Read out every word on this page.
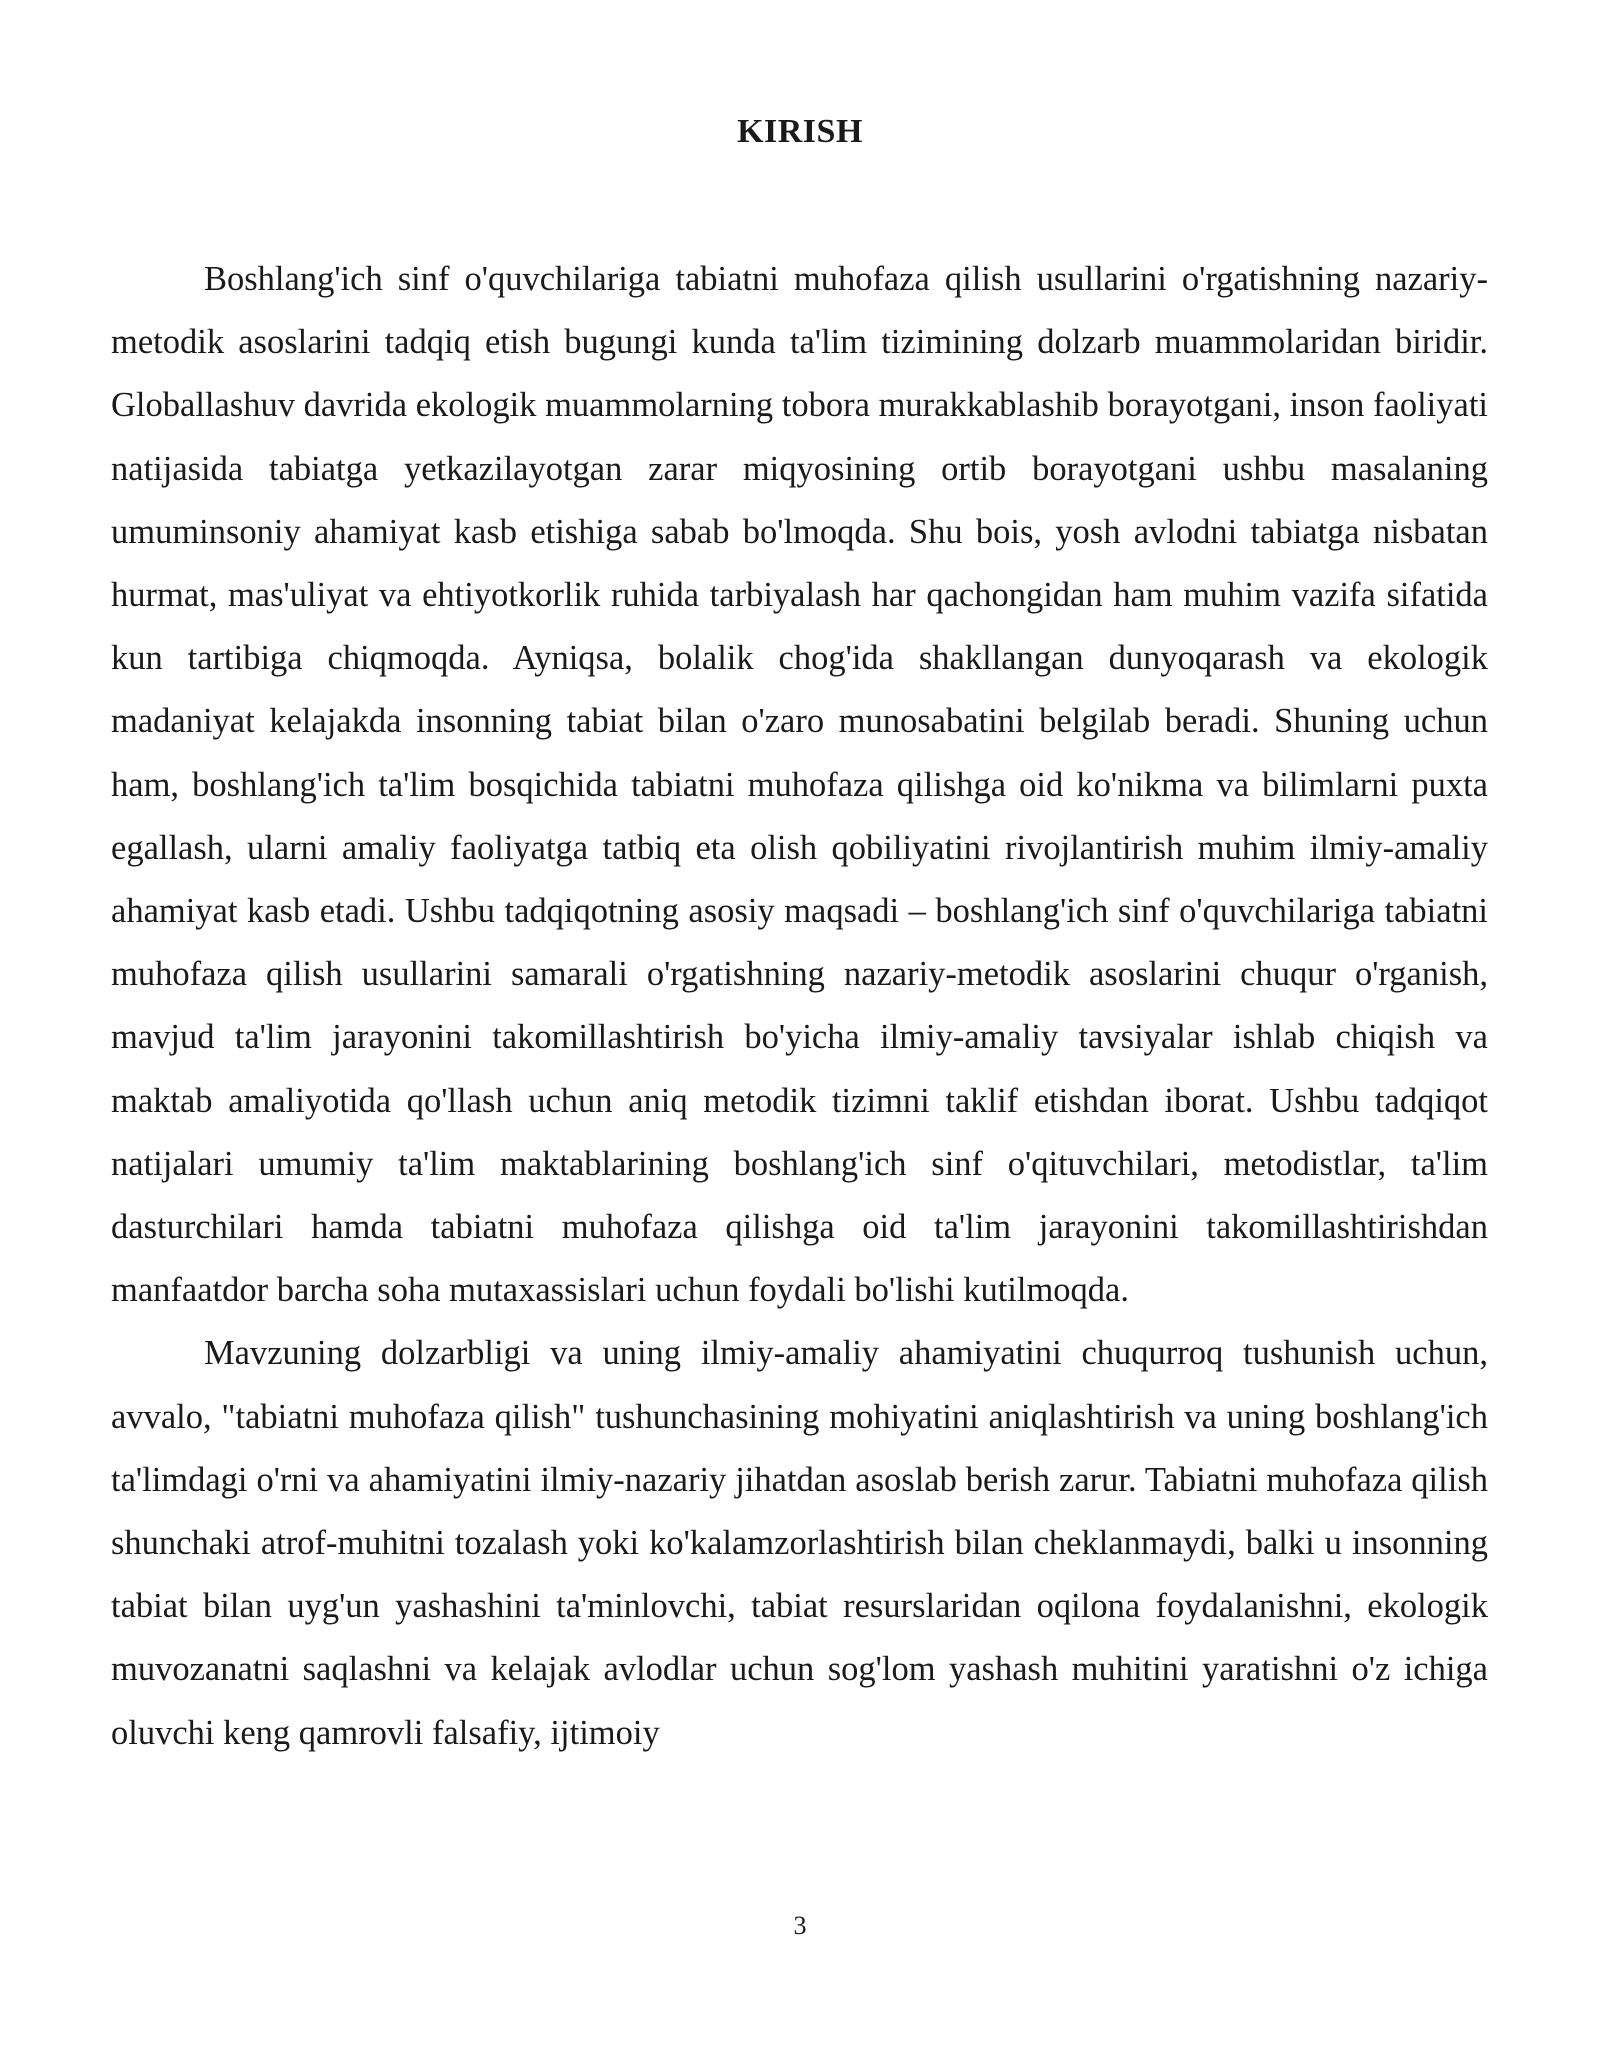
KIRISH

Boshlang'ich sinf o'quvchilariga tabiatni muhofaza qilish usullarini o'rgatishning nazariy-metodik asoslarini tadqiq etish bugungi kunda ta'lim tizimining dolzarb muammolaridan biridir. Globallashuv davrida ekologik muammolarning tobora murakkablashib borayotgani, inson faoliyati natijasida tabiatga yetkazilayotgan zarar miqyosining ortib borayotgani ushbu masalaning umuminsoniy ahamiyat kasb etishiga sabab bo'lmoqda. Shu bois, yosh avlodni tabiatga nisbatan hurmat, mas'uliyat va ehtiyotkorlik ruhida tarbiyalash har qachongidan ham muhim vazifa sifatida kun tartibiga chiqmoqda. Ayniqsa, bolalik chog'ida shakllangan dunyoqarash va ekologik madaniyat kelajakda insonning tabiat bilan o'zaro munosabatini belgilab beradi. Shuning uchun ham, boshlang'ich ta'lim bosqichida tabiatni muhofaza qilishga oid ko'nikma va bilimlarni puxta egallash, ularni amaliy faoliyatga tatbiq eta olish qobiliyatini rivojlantirish muhim ilmiy-amaliy ahamiyat kasb etadi. Ushbu tadqiqotning asosiy maqsadi – boshlang'ich sinf o'quvchilariga tabiatni muhofaza qilish usullarini samarali o'rgatishning nazariy-metodik asoslarini chuqur o'rganish, mavjud ta'lim jarayonini takomillashtirish bo'yicha ilmiy-amaliy tavsiyalar ishlab chiqish va maktab amaliyotida qo'llash uchun aniq metodik tizimni taklif etishdan iborat. Ushbu tadqiqot natijalari umumiy ta'lim maktablarining boshlang'ich sinf o'qituvchilari, metodistlar, ta'lim dasturchilari hamda tabiatni muhofaza qilishga oid ta'lim jarayonini takomillashtirishdan manfaatdor barcha soha mutaxassislari uchun foydali bo'lishi kutilmoqda.

Mavzuning dolzarbligi va uning ilmiy-amaliy ahamiyatini chuqurroq tushunish uchun, avvalo, "tabiatni muhofaza qilish" tushunchasining mohiyatini aniqlashtirish va uning boshlang'ich ta'limdagi o'rni va ahamiyatini ilmiy-nazariy jihatdan asoslab berish zarur. Tabiatni muhofaza qilish shunchaki atrof-muhitni tozalash yoki ko'kalamzorlashtirish bilan cheklanmaydi, balki u insonning tabiat bilan uyg'un yashashini ta'minlovchi, tabiat resurslaridan oqilona foydalanishni, ekologik muvozanatni saqlashni va kelajak avlodlar uchun sog'lom yashash muhitini yaratishni o'z ichiga oluvchi keng qamrovli falsafiy, ijtimoiy

3
